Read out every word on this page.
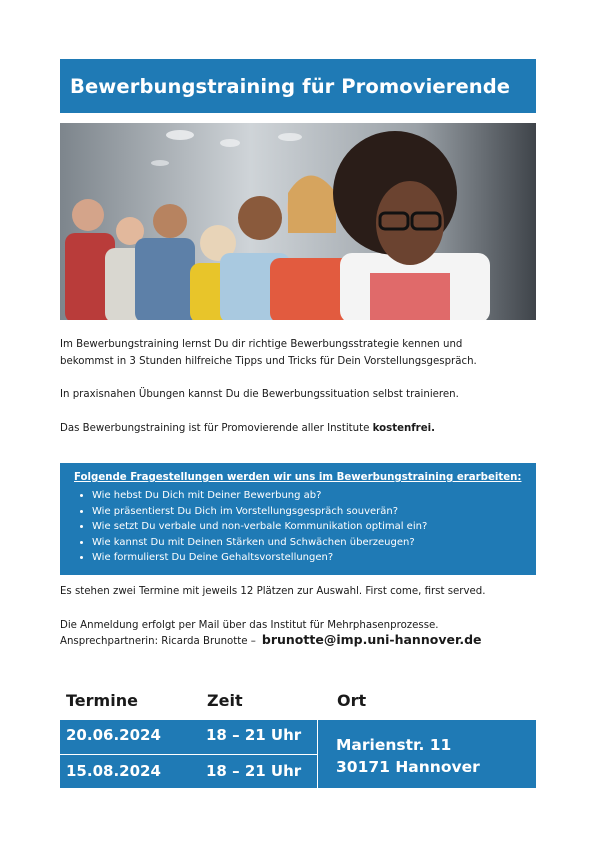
Bewerbungstraining für Promovierende

Im Bewerbungstraining lernst Du dir richtige Bewerbungsstrategie kennen und

bekommst in 3 Stunden hilfreiche Tipps und Tricks für Dein Vorstellungsgespräch.

In praxisnahen Übungen kannst Du die Bewerbungssituation selbst trainieren.
Das Bewerbungstraining ist für Promovierende aller Institute kostenfrei.
Folgende Fragestellungen werden wir uns im Bewerbungstraining erarbeiten:
• Wie hebst Du Dich mit Deiner Bewerbung ab?
• Wie präsentierst Du Dich im Vorstellungsgespräch souverän?
• Wie setzt Du verbale und non-verbale Kommunikation optimal ein?
• Wie kannst Du mit Deinen Stärken und Schwächen überzeugen?
• Wie formulierst Du Deine Gehaltsvorstellungen?
Es stehen zwei Termine mit jeweils 12 Plätzen zur Auswahl. First come, first served.
Die Anmeldung erfolgt per Mail über das Institut für Mehrphasenprozesse.
Ansprechpartnerin: Ricarda Brunotte – brunotte@imp.uni-hannover.de
Termine	Zeit	Ort
20.06.2024	18 – 21 Uhr
15.08.2024	18 – 21 Uhr
Marienstr. 11
30171 Hannover
